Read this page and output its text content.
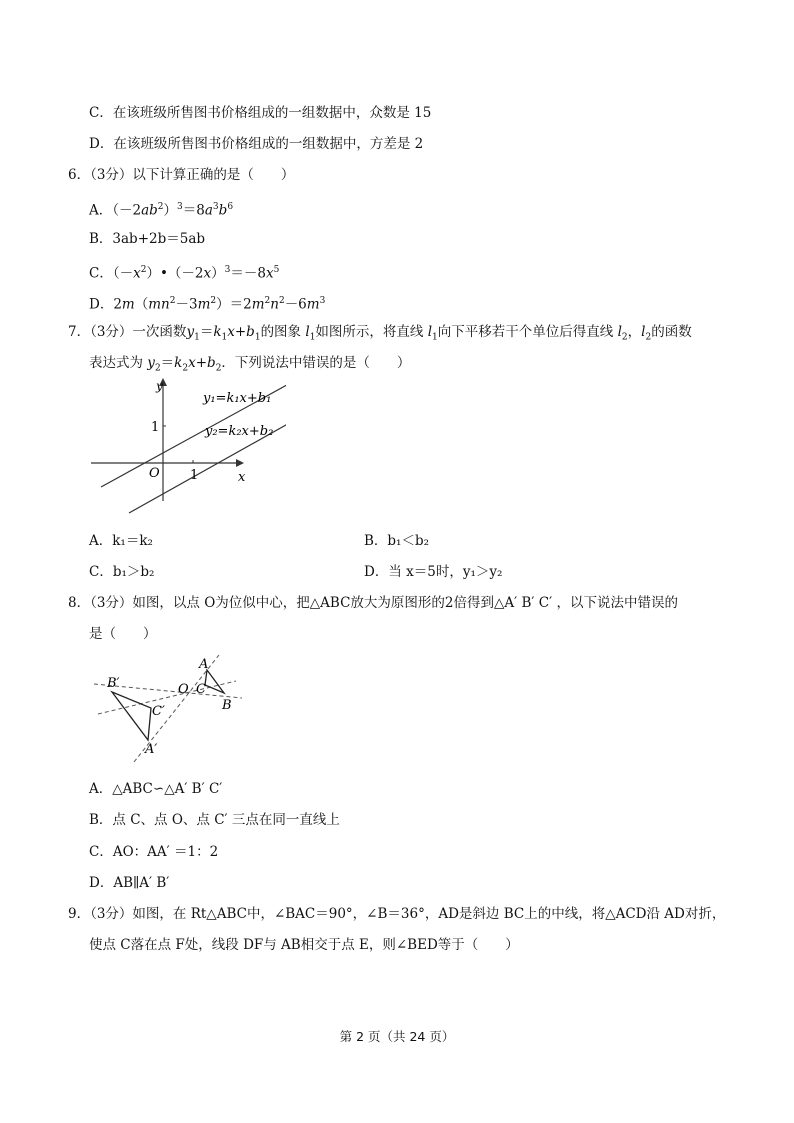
C．在该班级所售图书价格组成的一组数据中，众数是 15
D．在该班级所售图书价格组成的一组数据中，方差是 2
6．（3分）以下计算正确的是（　　）
A．$(-2ab^2)^3=8a^3b^6$
B．3ab+2b＝5ab
C．$(-x^2)•(-2x)^3=-8x^5$
D．$2m(mn^2-3m^2)=2m^2n^2-6m^3$
7．（3分）一次函数$y_1=k_1x+b_1$的图象 $l_1$如图所示，将直线 $l_1$向下平移若干个单位后得直线 $l_2$，$l_2$的函数
表达式为 $y_2=k_2x+b_2$．下列说法中错误的是（　　）
y
x
O 1
1
y₁=k₁x+b₁
y₂=k₂x+b₂
A．k₁＝k₂	B．b₁＜b₂
C．b₁＞b₂	D．当 x＝5时，y₁＞y₂
8．（3分）如图，以点 O为位似中心，把△ABC放大为原图形的2倍得到△A′ B′ C′ ，以下说法中错误的
是（　　）
B′
C′
A′
O C
A
B
A．△ABC∽△A′ B′ C′
B．点 C、点 O、点 C′ 三点在同一直线上
C．AO：AA′ ＝1：2
D．AB∥A′ B′
9．（3分）如图，在 Rt△ABC中，∠BAC＝90°，∠B＝36°，AD是斜边 BC上的中线，将△ACD沿 AD对折，
使点 C落在点 F处，线段 DF与 AB相交于点 E，则∠BED等于（　　）
第 2 页（共 24 页）
